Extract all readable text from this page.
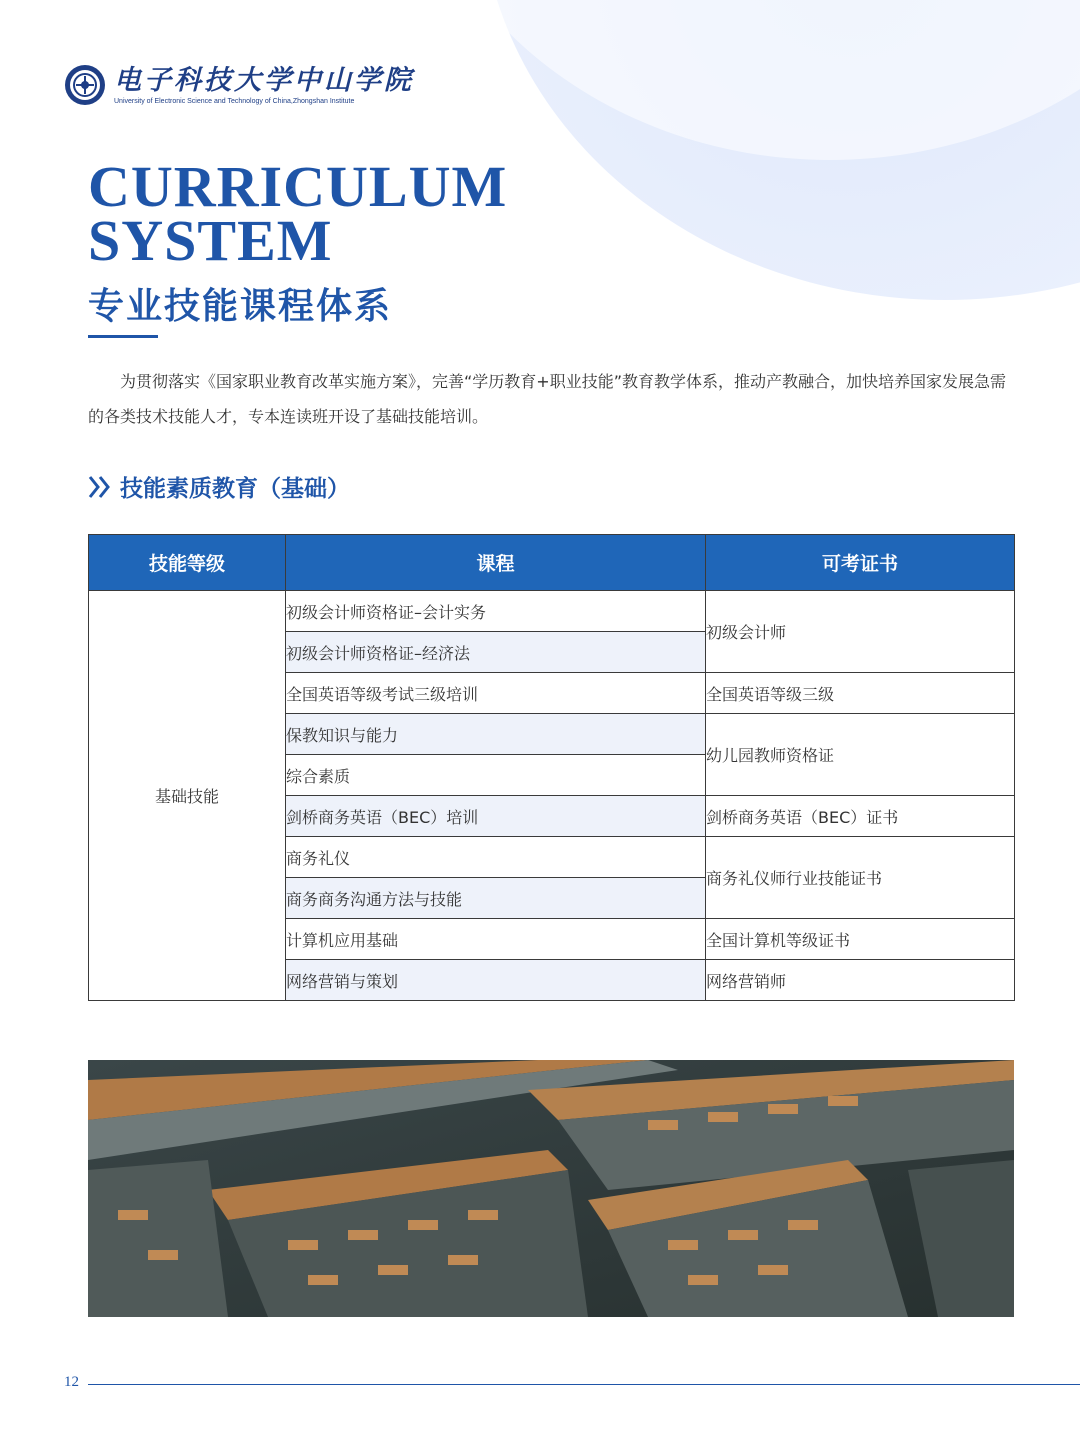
电子科技大学中山学院
University of Electronic Science and Technology of China,Zhongshan Institute
CURRICULUM
SYSTEM
专业技能课程体系

为贯彻落实《国家职业教育改革实施方案》，完善“学历教育+职业技能”教育教学体系，推动产教融合，加快培养国家发展急需的各类技术技能人才，专本连读班开设了基础技能培训。

技能素质教育（基础）
技能等级	课程	可考证书
基础技能	初级会计师资格证–会计实务	初级会计师
	初级会计师资格证–经济法	
	全国英语等级考试三级培训	全国英语等级三级
	保教知识与能力	幼儿园教师资格证
	综合素质	
	剑桥商务英语（BEC）培训	剑桥商务英语（BEC）证书
	商务礼仪	商务礼仪师行业技能证书
	商务商务沟通方法与技能	
	计算机应用基础	全国计算机等级证书
	网络营销与策划	网络营销师
12
